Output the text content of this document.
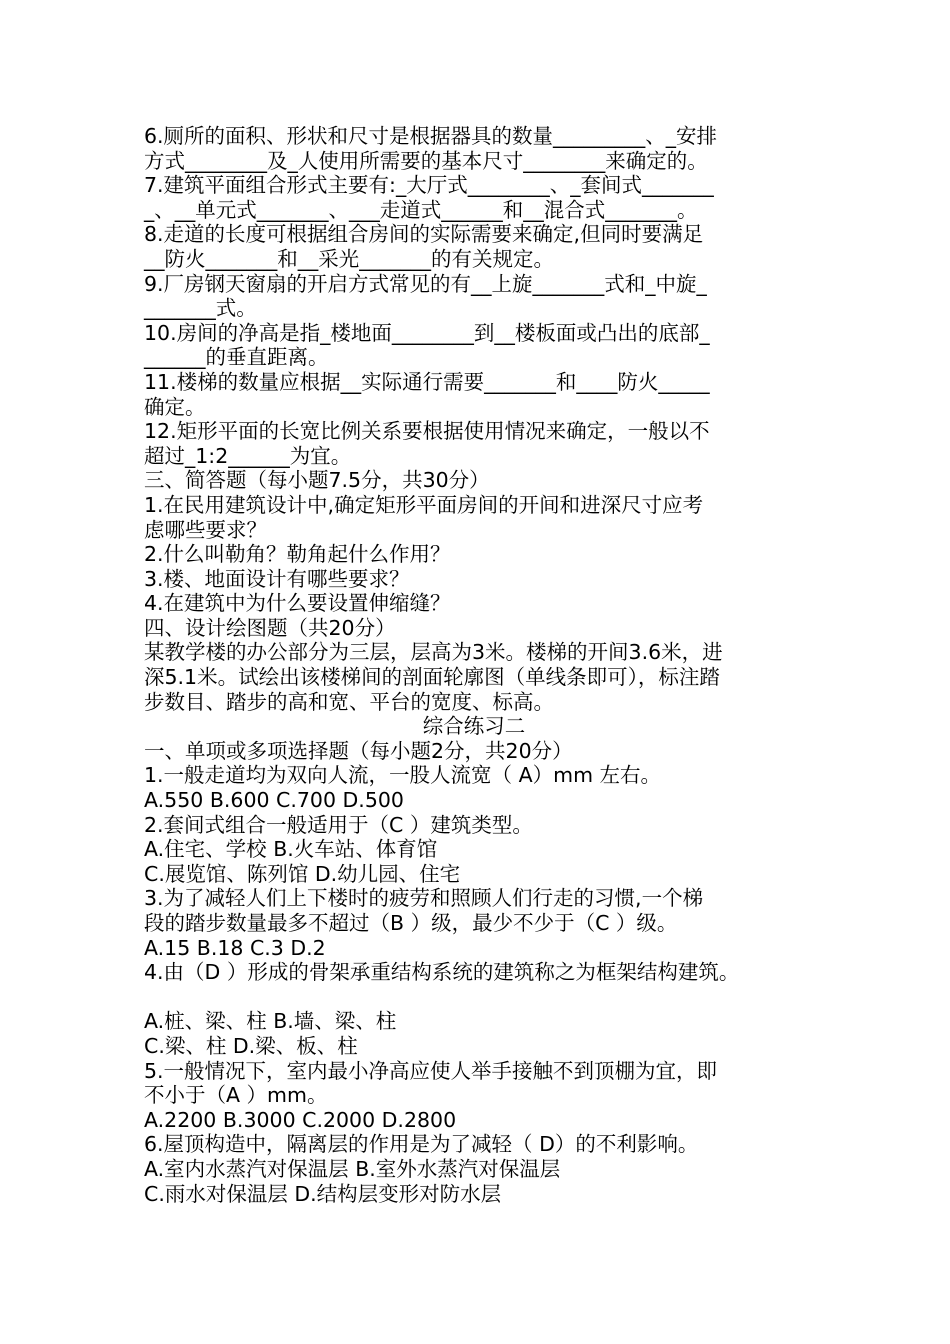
6.厕所的面积、形状和尺寸是根据器具的数量_________、_安排
方式________及_人使用所需要的基本尺寸________来确定的。
7.建筑平面组合形式主要有:_大厅式________、_套间式_______
_、__单元式_______、___走道式______和__混合式_______。
8.走道的长度可根据组合房间的实际需要来确定,但同时要满足
__防火_______和__采光_______的有关规定。
9.厂房钢天窗扇的开启方式常见的有__上旋_______式和_中旋_
_______式。
10.房间的净高是指_楼地面________到__楼板面或凸出的底部_
______的垂直距离。
11.楼梯的数量应根据__实际通行需要_______和____防火_____
确定。
12.矩形平面的长宽比例关系要根据使用情况来确定，一般以不
超过_1:2______为宜。
三、简答题（每小题7.5分，共30分）
1.在民用建筑设计中,确定矩形平面房间的开间和进深尺寸应考
虑哪些要求？
2.什么叫勒角？勒角起什么作用？
3.楼、地面设计有哪些要求？
4.在建筑中为什么要设置伸缩缝？
四、设计绘图题（共20分）
某教学楼的办公部分为三层，层高为3米。楼梯的开间3.6米，进
深5.1米。试绘出该楼梯间的剖面轮廓图（单线条即可），标注踏
步数目、踏步的高和宽、平台的宽度、标高。
综合练习二
一、单项或多项选择题（每小题2分，共20分）
1.一般走道均为双向人流，一股人流宽（ A）mm 左右。
A.550 B.600 C.700 D.500
2.套间式组合一般适用于（C ）建筑类型。
A.住宅、学校 B.火车站、体育馆
C.展览馆、陈列馆 D.幼儿园、住宅
3.为了减轻人们上下楼时的疲劳和照顾人们行走的习惯,一个梯
段的踏步数量最多不超过（B ）级，最少不少于（C ）级。
A.15 B.18 C.3 D.2
4.由（D ）形成的骨架承重结构系统的建筑称之为框架结构建筑。
A.桩、梁、柱 B.墙、梁、柱
C.梁、柱 D.梁、板、柱
5.一般情况下，室内最小净高应使人举手接触不到顶棚为宜，即
不小于（A ）mm。
A.2200 B.3000 C.2000 D.2800
6.屋顶构造中，隔离层的作用是为了减轻（ D）的不利影响。
A.室内水蒸汽对保温层 B.室外水蒸汽对保温层
C.雨水对保温层 D.结构层变形对防水层
